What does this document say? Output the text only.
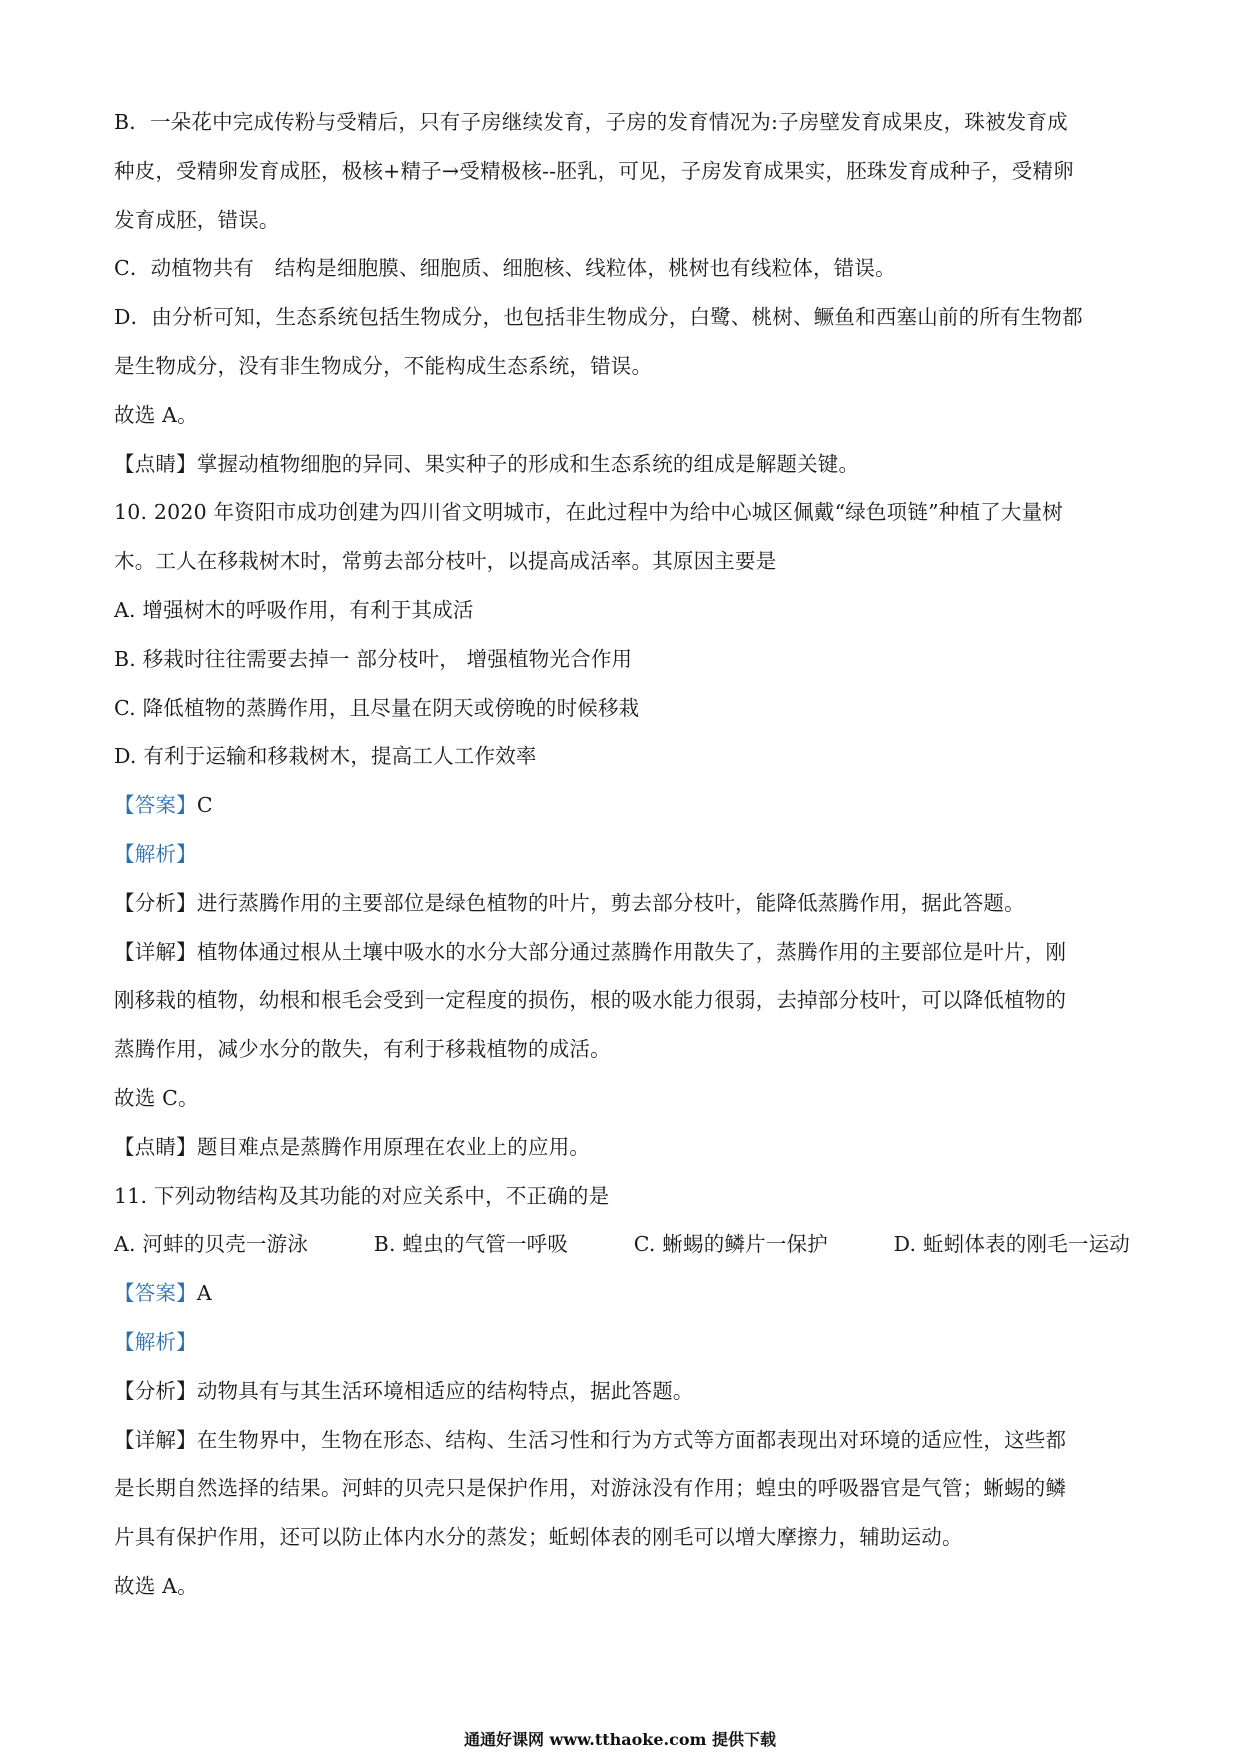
B．一朵花中完成传粉与受精后，只有子房继续发育，子房的发育情况为:子房壁发育成果皮，珠被发育成
种皮，受精卵发育成胚，极核+精子→受精极核--胚乳，可见，子房发育成果实，胚珠发育成种子，受精卵
发育成胚，错误。
C．动植物共有　结构是细胞膜、细胞质、细胞核、线粒体，桃树也有线粒体，错误。
D．由分析可知，生态系统包括生物成分，也包括非生物成分，白鹭、桃树、鳜鱼和西塞山前的所有生物都
是生物成分，没有非生物成分，不能构成生态系统，错误。
故选 A。
【点睛】掌握动植物细胞的异同、果实种子的形成和生态系统的组成是解题关键。
10. 2020 年资阳市成功创建为四川省文明城市，在此过程中为给中心城区佩戴“绿色项链”种植了大量树
木。工人在移栽树木时，常剪去部分枝叶，以提高成活率。其原因主要是
A. 增强树木的呼吸作用，有利于其成活
B. 移栽时往往需要去掉一 部分枝叶， 增强植物光合作用
C. 降低植物的蒸腾作用，且尽量在阴天或傍晚的时候移栽
D. 有利于运输和移栽树木，提高工人工作效率
【答案】C
【解析】
【分析】进行蒸腾作用的主要部位是绿色植物的叶片，剪去部分枝叶，能降低蒸腾作用，据此答题。
【详解】植物体通过根从土壤中吸水的水分大部分通过蒸腾作用散失了，蒸腾作用的主要部位是叶片，刚
刚移栽的植物，幼根和根毛会受到一定程度的损伤，根的吸水能力很弱，去掉部分枝叶，可以降低植物的
蒸腾作用，减少水分的散失，有利于移栽植物的成活。
故选 C。
【点睛】题目难点是蒸腾作用原理在农业上的应用。
11. 下列动物结构及其功能的对应关系中，不正确的是
A. 河蚌的贝壳一游泳	B. 蝗虫的气管一呼吸	C. 蜥蜴的鳞片一保护	D. 蚯蚓体表的刚毛一运动
【答案】A
【解析】
【分析】动物具有与其生活环境相适应的结构特点，据此答题。
【详解】在生物界中，生物在形态、结构、生活习性和行为方式等方面都表现出对环境的适应性，这些都
是长期自然选择的结果。河蚌的贝壳只是保护作用，对游泳没有作用；蝗虫的呼吸器官是气管；蜥蜴的鳞
片具有保护作用，还可以防止体内水分的蒸发；蚯蚓体表的刚毛可以增大摩擦力，辅助运动。
故选 A。
通通好课网 www.tthaoke.com 提供下载
